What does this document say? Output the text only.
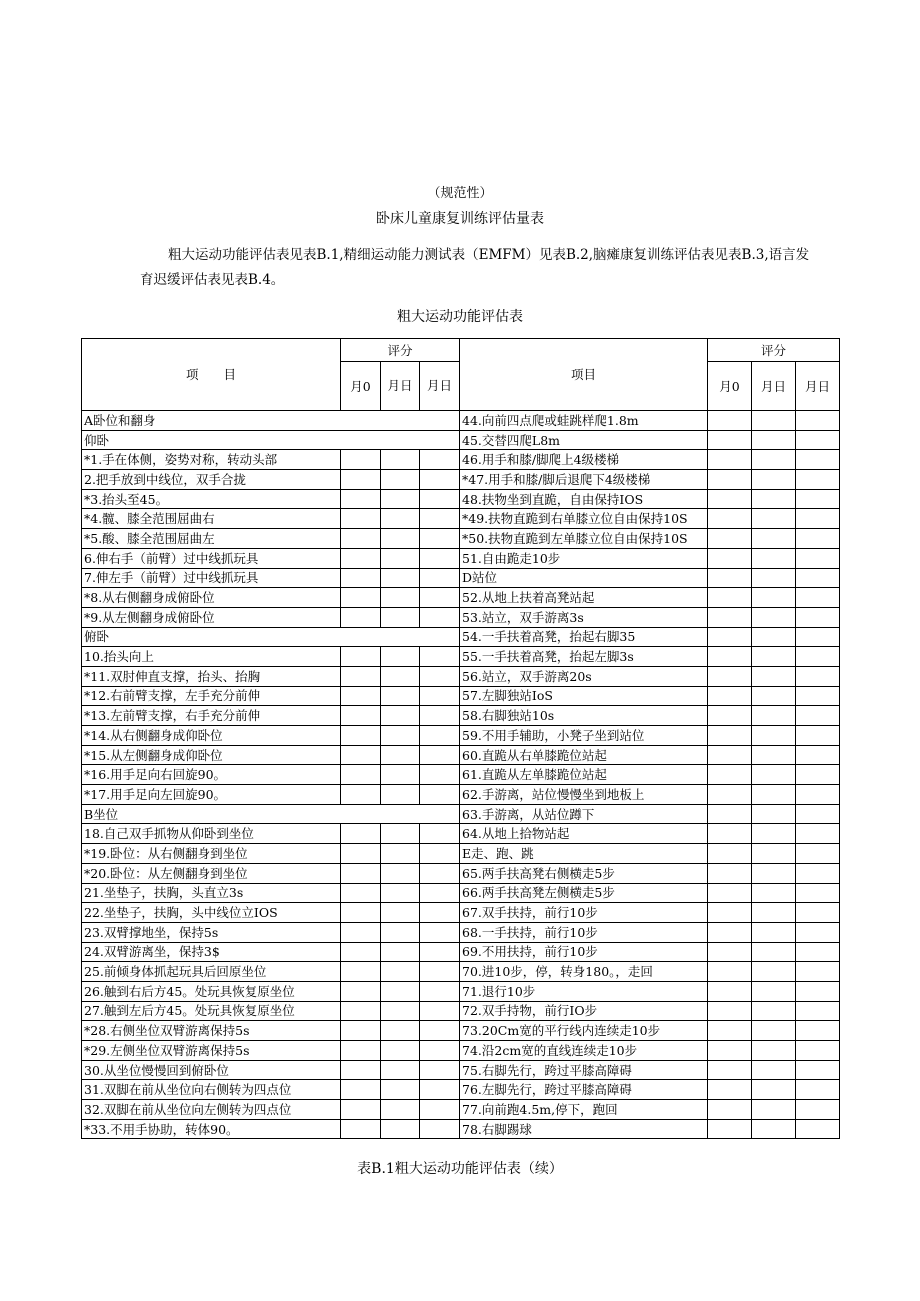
（规范性）
卧床儿童康复训练评估量表

粗大运动功能评估表见表B.1,精细运动能力测试表（EMFM）见表B.2,脑瘫康复训练评估表见表B.3,语言发育迟缓评估表见表B.4。

粗大运动功能评估表
项　　目	评分			项目	评分		
	月0	月日	月日		月0	月日	月日
A卧位和翻身				44.向前四点爬或蛙跳样爬1.8m			
仰卧				45.交替四爬L8m			
*1.手在体侧，姿势对称，转动头部				46.用手和膝/脚爬上4级楼梯			
2.把手放到中线位，双手合拢				*47.用手和膝/脚后退爬下4级楼梯			
*3.抬头至45。				48.扶物坐到直跪，自由保持IOS			
*4.髋、膝全范围屈曲右				*49.扶物直跪到右单膝立位自由保持10S			
*5.酸、膝全范围屈曲左				*50.扶物直跪到左单膝立位自由保持10S			
6.伸右手（前臂）过中线抓玩具				51.自由跪走10步			
7.伸左手（前臂）过中线抓玩具				D站位			
*8.从右侧翻身成俯卧位				52.从地上扶着高凳站起			
*9.从左侧翻身成俯卧位				53.站立，双手游离3s			
俯卧				54.一手扶着高凳，抬起右脚35			
10.抬头向上				55.一手扶着高凳，抬起左脚3s			
*11.双肘伸直支撑，抬头、抬胸				56.站立，双手游离20s			
*12.右前臂支撑，左手充分前伸				57.左脚独站IoS			
*13.左前臂支撑，右手充分前伸				58.右脚独站10s			
*14.从右侧翻身成仰卧位				59.不用手辅助，小凳子坐到站位			
*15.从左侧翻身成仰卧位				60.直跪从右单膝跪位站起			
*16.用手足向右回旋90。				61.直跪从左单膝跪位站起			
*17.用手足向左回旋90。				62.手游离，站位慢慢坐到地板上			
B坐位				63.手游离，从站位蹲下			
18.自己双手抓物从仰卧到坐位				64.从地上拾物站起			
*19.卧位：从右侧翻身到坐位				E走、跑、跳			
*20.卧位：从左侧翻身到坐位				65.两手扶高凳右侧横走5步			
21.坐垫子，扶胸，头直立3s				66.两手扶高凳左侧横走5步			
22.坐垫子，扶胸，头中线位立IOS				67.双手扶持，前行10步			
23.双臂撑地坐，保持5s				68.一手扶持，前行10步			
24.双臂游离坐，保持3$				69.不用扶持，前行10步			
25.前倾身体抓起玩具后回原坐位				70.进10步，停，转身180。，走回			
26.触到右后方45。处玩具恢复原坐位				71.退行10步			
27.触到左后方45。处玩具恢复原坐位				72.双手持物，前行IO步			
*28.右侧坐位双臂游离保持5s				73.20Cm宽的平行线内连续走10步			
*29.左侧坐位双臂游离保持5s				74.沿2cm宽的直线连续走10步			
30.从坐位慢慢回到俯卧位				75.右脚先行，跨过平膝高障碍			
31.双脚在前从坐位向右侧转为四点位				76.左脚先行，跨过平膝高障碍			
32.双脚在前从坐位向左侧转为四点位				77.向前跑4.5m,停下，跑回			
*33.不用手协助，转体90。				78.右脚踢球			
表B.1粗大运动功能评估表（续）
